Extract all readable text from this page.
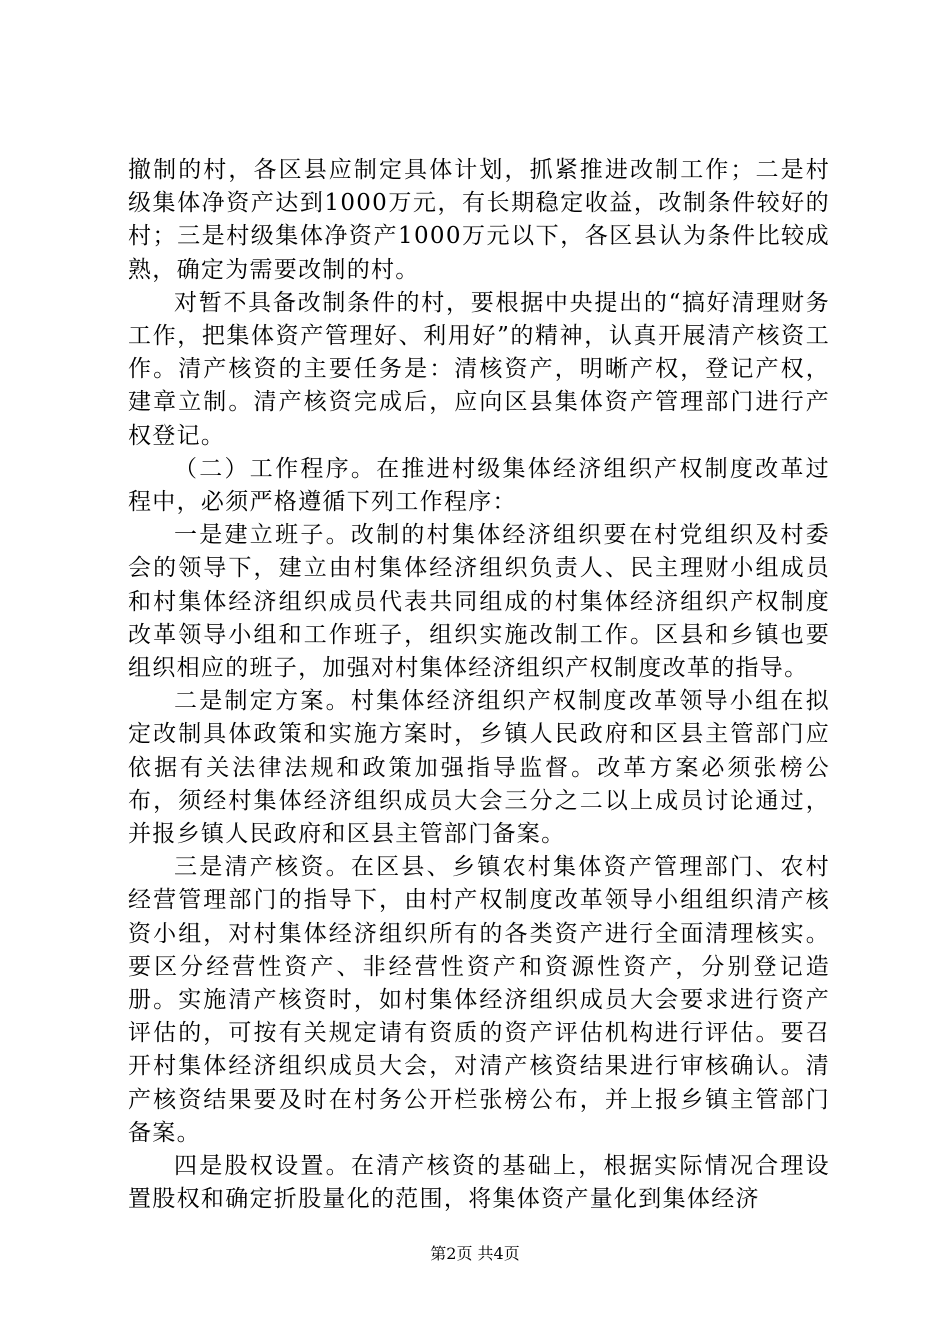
撤制的村，各区县应制定具体计划，抓紧推进改制工作；二是村级集体净资产达到1000万元，有长期稳定收益，改制条件较好的村；三是村级集体净资产1000万元以下，各区县认为条件比较成熟，确定为需要改制的村。

对暂不具备改制条件的村，要根据中央提出的“搞好清理财务工作，把集体资产管理好、利用好”的精神，认真开展清产核资工作。清产核资的主要任务是：清核资产，明晰产权，登记产权，建章立制。清产核资完成后，应向区县集体资产管理部门进行产权登记。

（二）工作程序。在推进村级集体经济组织产权制度改革过程中，必须严格遵循下列工作程序：

一是建立班子。改制的村集体经济组织要在村党组织及村委会的领导下，建立由村集体经济组织负责人、民主理财小组成员和村集体经济组织成员代表共同组成的村集体经济组织产权制度改革领导小组和工作班子，组织实施改制工作。区县和乡镇也要组织相应的班子，加强对村集体经济组织产权制度改革的指导。

二是制定方案。村集体经济组织产权制度改革领导小组在拟定改制具体政策和实施方案时，乡镇人民政府和区县主管部门应依据有关法律法规和政策加强指导监督。改革方案必须张榜公布，须经村集体经济组织成员大会三分之二以上成员讨论通过，并报乡镇人民政府和区县主管部门备案。

三是清产核资。在区县、乡镇农村集体资产管理部门、农村经营管理部门的指导下，由村产权制度改革领导小组组织清产核资小组，对村集体经济组织所有的各类资产进行全面清理核实。要区分经营性资产、非经营性资产和资源性资产，分别登记造册。实施清产核资时，如村集体经济组织成员大会要求进行资产评估的，可按有关规定请有资质的资产评估机构进行评估。要召开村集体经济组织成员大会，对清产核资结果进行审核确认。清产核资结果要及时在村务公开栏张榜公布，并上报乡镇主管部门备案。

四是股权设置。在清产核资的基础上，根据实际情况合理设置股权和确定折股量化的范围，将集体资产量化到集体经济

第2页 共4页
